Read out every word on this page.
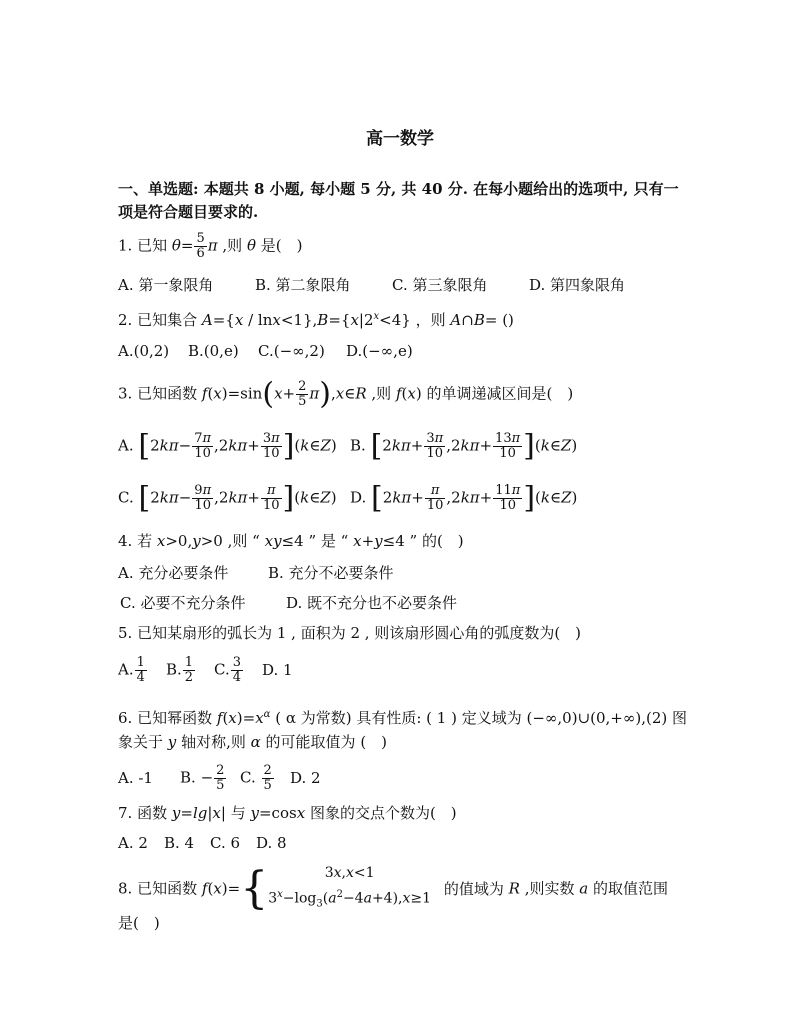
高一数学
一、单选题: 本题共 8 小题, 每小题 5 分, 共 40 分. 在每小题给出的选项中, 只有一项是符合题目要求的.
1. 已知 $\theta= \frac{5}{6}$ π ,则 θ 是(　)
A. 第一象限角	B. 第二象限角	C. 第三象限角	D. 第四象限角
2. 已知集合 $A=\{x / \ln x<1\},B=\{x|2^x<4\}$ ，则 A∩B= ()
A.(0,2) B.(0,e) C.(−∞,2) D.(−∞,e)
3. 已知函数 $f(x)=\sin(x+ \frac{2}{5}$ π),x∈R ,则 f(x) 的单调递减区间是(　)
A. [$2k\pi- \frac{7\pi}{10} ,2k\pi+ \frac{3\pi}{10}$ ](k∈Z) B. [$2k\pi+ \frac{3\pi}{10} ,2k\pi+ \frac{13\pi}{10}$ ](k∈Z)
C. [$2k\pi- \frac{9\pi}{10} ,2k\pi+ \frac{\pi}{10}$ ](k∈Z) D. [$2k\pi+ \frac{\pi}{10} ,2k\pi+ \frac{11\pi}{10}$ ](k∈Z)
4. 若 x>0,y>0 ,则 “ xy≤4 ” 是 “ x+y≤4 ” 的(　)
A. 充分必要条件	B. 充分不必要条件
C. 必要不充分条件	D. 既不充分也不必要条件
5. 已知某扇形的弧长为 1 , 面积为 2 , 则该扇形圆心角的弧度数为(　)
A. $\frac{1}{4} B$. $\frac{1}{2} C$. $\frac{3}{4} D$. 1
6. 已知幂函数 $f(x)=x^\alpha$ ( α 为常数) 具有性质: ( 1 ) 定义域为 (−∞,0)∪(0,+∞),(2) 图象关于 y 轴对称,则 α 的可能取值为 (　)
A. -1 B. − $\frac{2}{5} C$. $\frac{2}{5} D$. 2
7. 函数 y=lg|x| 与 y=cosx 图象的交点个数为(　)
A. 2 B. 4 C. 6 D. 8
8. 已知函数 f(x)={	3x,x<1
$3^x-\log_3(a^2-4a+4),x\ge 1$
的值域为 R ,则实数 a 的取值范围
是(　)
